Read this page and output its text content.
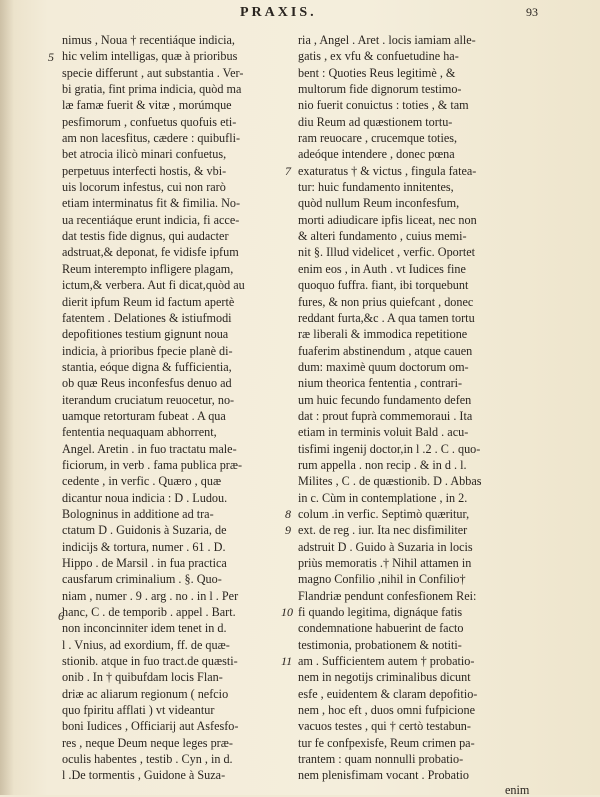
PRAXIS.	93
nimus , Noua † recentiáque indicia,
hic velim intelligas, quæ à prioribus
specie differunt , aut substantia . Ver-
bi gratia, fint prima indicia, quòd ma
læ famæ fuerit & vitæ , morúmque
pesfimorum , confuetus quofuis eti-
am non lacesfitus, cædere : quibufli-
bet atrocia ilicò minari confuetus,
perpetuus interfecti hostis, & vbi-
uis locorum infestus, cui non rarò
etiam interminatus fit & fimilia. No-
ua recentiáque erunt indicia, fi acce-
dat testis fide dignus, qui audacter
adstruat,& deponat, fe vidisfe ipfum
Reum interempto infligere plagam,
ictum,& verbera. Aut fi dicat,quòd au
dierit ipfum Reum id factum apertè
fatentem . Delationes & istiufmodi
depofitiones testium gignunt noua
indicia, à prioribus fpecie planè di-
stantia, eóque digna & fufficientia,
ob quæ Reus inconfesfus denuo ad
iterandum cruciatum reuocetur, no-
uamque retorturam fubeat . A qua
fententia nequaquam abhorrent,
Angel. Aretin . in fuo tractatu male-
ficiorum, in verb . fama publica præ-
cedente , in verfic . Quæro , quæ
dicantur noua indicia : D . Ludou.
Bologninus in additione ad tra-
ctatum D . Guidonis à Suzaria, de
indicijs & tortura, numer . 61 . D.
Hippo . de Marsil . in fua practica
causfarum criminalium . §. Quo-
niam , numer . 9 . arg . no . in l . Per
hanc, C . de temporib . appel . Bart.
non inconcinniter idem tenet in d.
l . Vnius, ad exordium, ff. de quæ-
stionib. atque in fuo tract.de quæsti-
onib . In † quibufdam locis Flan-
driæ ac aliarum regionum ( nefcio
quo fpiritu afflati ) vt videantur
boni Iudices , Officiarij aut Asfesfo-
res , neque Deum neque leges præ-
oculis habentes , testib . Cyn , in d.
l .De tormentis , Guidone à Suza-
ria , Angel . Aret . locis iamiam alle-
gatis , ex vfu & confuetudine ha-
bent : Quoties Reus legitimè , &
multorum fide dignorum testimo-
nio fuerit conuictus : toties , & tam
diu Reum ad quæstionem tortu-
ram reuocare , crucemque toties,
adeóque intendere , donec pœna
exaturatus † & victus , fingula fatea-
tur: huic fundamento innitentes,
quòd nullum Reum inconfesfum,
morti adiudicare ipfis liceat, nec non
& alteri fundamento , cuius memi-
nit §. Illud videlicet , verfic. Oportet
enim eos , in Auth . vt Iudices fine
quoquo fuffra. fiant, ibi torquebunt
fures, & non prius quiefcant , donec
reddant furta,&c . A qua tamen tortu
ræ liberali & immodica repetitione
fuaferim abstinendum , atque cauen
dum: maximè quum doctorum om-
nium theorica fententia , contrari-
um huic fecundo fundamento defen
dat : prout fuprà commemoraui . Ita
etiam in terminis voluit Bald . acu-
tisfimi ingenij doctor,in l .2 . C . quo-
rum appella . non recip . & in d . l.
Milites , C . de quæstionib. D . Abbas
in c. Cùm in contemplatione , in 2.
colum .in verfic. Septimò quæritur,
ext. de reg . iur. Ita nec disfimiliter
adstruit D . Guido à Suzaria in locis
priùs memoratis .† Nihil attamen in
magno Confilio ,nihil in Confilio†
Flandriæ pendunt confesfionem Rei:
fi quando legitima, dignáque fatis
condemnatione habuerint de facto
testimonia, probationem & notiti-
am . Sufficientem autem † probatio-
nem in negotijs criminalibus dicunt
esfe , euidentem & claram depofitio-
nem , hoc eft , duos omni fufpicione
vacuos testes , qui † certò testabun-
tur fe confpexisfe, Reum crimen pa-
trantem : quam nonnulli probatio-
nem plenisfimam vocant . Probatio
5
6
7
8
9
10
11
enim
